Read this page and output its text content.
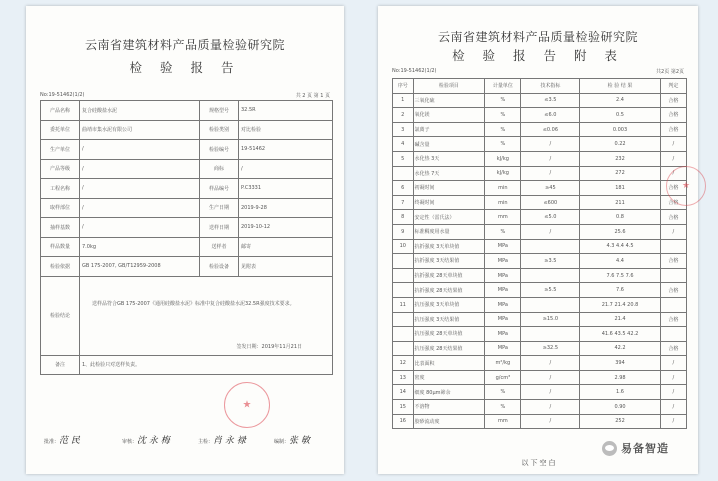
云南省建筑材料产品质量检验研究院
检 验 报 告
No:19-51462(1/2)	共 2 页 第 1 页
产品名称	复合硅酸盐水泥	规格型号	32.5R
委托单位	曲靖市集水泥有限公司	检验类别	对比检验
生产单位	/	检验编号	19-51462
产品等级	/	商标	/
工程名称	/	样品编号	P.C3331
取样部位	/	生产日期	2019-9-28
抽样基数	/	送样日期	2019-10-12
样品数量	7.0kg	送样者	邮寄
检验依据	GB 175-2007, GB/T12959-2008	检验设备	见附表
检验结论	送样品符合GB 175-2007《通用硅酸盐水泥》标准中复合硅酸盐水泥32.5R强度技术要求。
签发日期：2019年11月21日		

备注	1、此检验只对送样负责。		
★
批准：范 民	审核：沈 永 梅	主检：肖 永 禄	编制：张 敏
云南省建筑材料产品质量检验研究院
检 验 报 告 附 表
No:19-51462(1/2)	共2页 第2页
序号	检验项目	计量单位	技术指标	检 验 结 果	判定
1	三氧化硫	%	≤3.5	2.4	合格
2	氧化镁	%	≤6.0	0.5	合格
3	氯离子	%	≤0.06	0.003	合格
4	碱含量	%	/	0.22	/
5	水化热 3天	kJ/kg	/	232	/
	水化热 7天	kJ/kg	/	272	/
6	初凝时间	min	≥45	181	合格
7	终凝时间	min	≤600	211	合格
8	安定性（雷氏法）	mm	≤5.0	0.8	合格
9	标准稠度用水量	%	/	25.6	/
10	抗折强度 3天单块值	MPa		4.3 4.4 4.5	
	抗折强度 3天结果值	MPa	≥3.5	4.4	合格
	抗折强度 28天单块值	MPa		7.6 7.5 7.6	
	抗折强度 28天结果值	MPa	≥5.5	7.6	合格
11	抗压强度 3天单块值	MPa		21.7 21.4 20.8	
	抗压强度 3天结果值	MPa	≥15.0	21.4	合格
	抗压强度 28天单块值	MPa		41.6 43.5 42.2	
	抗压强度 28天结果值	MPa	≥32.5	42.2	合格
12	比表面积	m²/kg	/	394	/
13	密度	g/cm³	/	2.98	/
14	细度 80μm筛余	%	/	1.6	/
15	不溶物	%	/	0.90	/
16	胶砂流动度	mm	/	252	/
★
以下空白
易备智造
